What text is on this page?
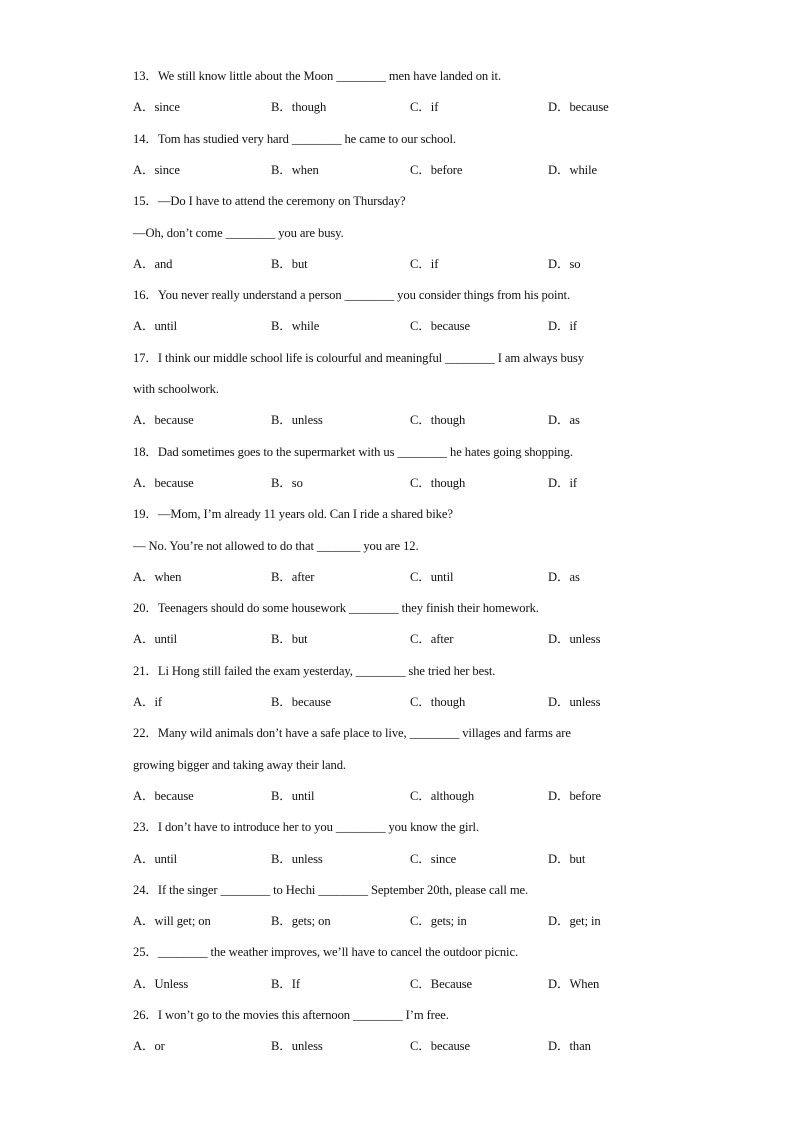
13．We still know little about the Moon ________ men have landed on it.
A．since	B．though	C．if	D．because
14．Tom has studied very hard ________ he came to our school.
A．since	B．when	C．before	D．while
15．—Do I have to attend the ceremony on Thursday?
—Oh, don’t come ________ you are busy.
A．and	B．but	C．if	D．so
16．You never really understand a person ________ you consider things from his point.
A．until	B．while	C．because	D．if
17．I think our middle school life is colourful and meaningful ________ I am always busy
with schoolwork.
A．because	B．unless	C．though	D．as
18．Dad sometimes goes to the supermarket with us ________ he hates going shopping.
A．because	B．so	C．though	D．if
19．—Mom, I’m already 11 years old. Can I ride a shared bike?
— No. You’re not allowed to do that _______ you are 12.
A．when	B．after	C．until	D．as
20．Teenagers should do some housework ________ they finish their homework.
A．until	B．but	C．after	D．unless
21．Li Hong still failed the exam yesterday, ________ she tried her best.
A．if	B．because	C．though	D．unless
22．Many wild animals don’t have a safe place to live, ________ villages and farms are
growing bigger and taking away their land.
A．because	B．until	C．although	D．before
23．I don’t have to introduce her to you ________ you know the girl.
A．until	B．unless	C．since	D．but
24．If the singer ________ to Hechi ________ September 20th, please call me.
A．will get; on	B．gets; on	C．gets; in	D．get; in
25．________ the weather improves, we’ll have to cancel the outdoor picnic.
A．Unless	B．If	C．Because	D．When
26．I won’t go to the movies this afternoon ________ I’m free.
A．or	B．unless	C．because	D．than
